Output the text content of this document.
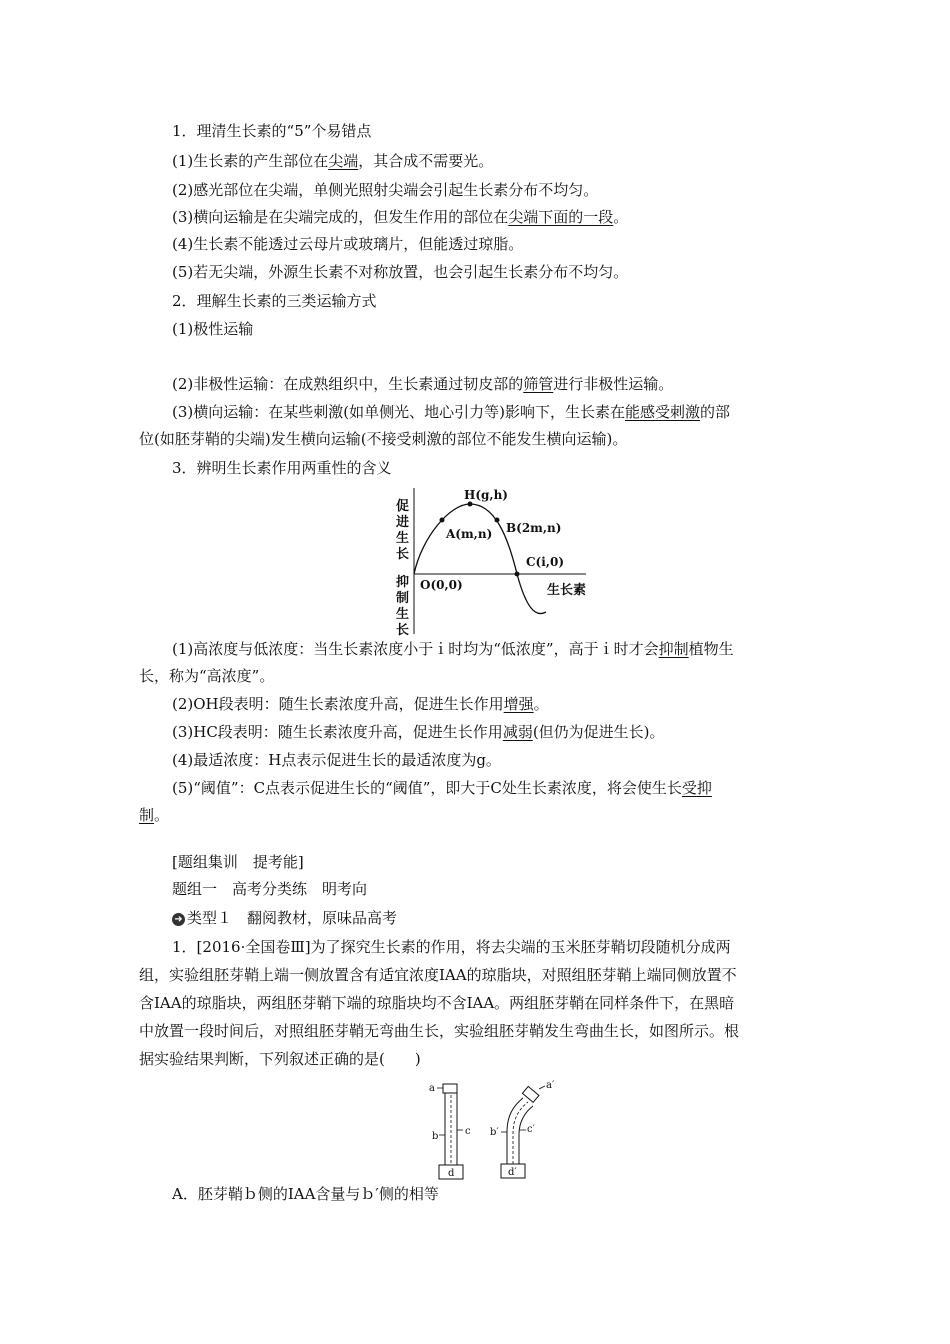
1．理清生长素的“5”个易错点
(1)生长素的产生部位在尖端，其合成不需要光。
(2)感光部位在尖端，单侧光照射尖端会引起生长素分布不均匀。
(3)横向运输是在尖端完成的，但发生作用的部位在尖端下面的一段。
(4)生长素不能透过云母片或玻璃片，但能透过琼脂。
(5)若无尖端，外源生长素不对称放置，也会引起生长素分布不均匀。
2．理解生长素的三类运输方式
(1)极性运输
(2)非极性运输：在成熟组织中，生长素通过韧皮部的筛管进行非极性运输。
(3)横向运输：在某些刺激(如单侧光、地心引力等)影响下，生长素在能感受刺激的部
位(如胚芽鞘的尖端)发生横向运输(不接受刺激的部位不能发生横向运输)。
3．辨明生长素作用两重性的含义
促
进
生
长
抑
制
生
长
H(g,h)
A(m,n) B(2m,n)
C(i,0)
O(0,0)	生长素
(1)高浓度与低浓度：当生长素浓度小于ｉ时均为“低浓度”，高于ｉ时才会抑制植物生
长，称为“高浓度”。
(2)OH段表明：随生长素浓度升高，促进生长作用增强。
(3)HC段表明：随生长素浓度升高，促进生长作用减弱(但仍为促进生长)。
(4)最适浓度：H点表示促进生长的最适浓度为g。
(5)“阈值”：C点表示促进生长的“阈值”，即大于C处生长素浓度，将会使生长受抑
制。
[题组集训　提考能]
题组一　高考分类练　明考向
➜ 类型１　翻阅教材，原味品高考
1．[2016·全国卷Ⅲ]为了探究生长素的作用，将去尖端的玉米胚芽鞘切段随机分成两
组，实验组胚芽鞘上端一侧放置含有适宜浓度IAA的琼脂块，对照组胚芽鞘上端同侧放置不
含IAA的琼脂块，两组胚芽鞘下端的琼脂块均不含IAA。两组胚芽鞘在同样条件下，在黑暗
中放置一段时间后，对照组胚芽鞘无弯曲生长，实验组胚芽鞘发生弯曲生长，如图所示。根
据实验结果判断，下列叙述正确的是(　　)
a
b	c
d
a′
b′	c′
d′
A．胚芽鞘ｂ侧的IAA含量与ｂ′侧的相等
